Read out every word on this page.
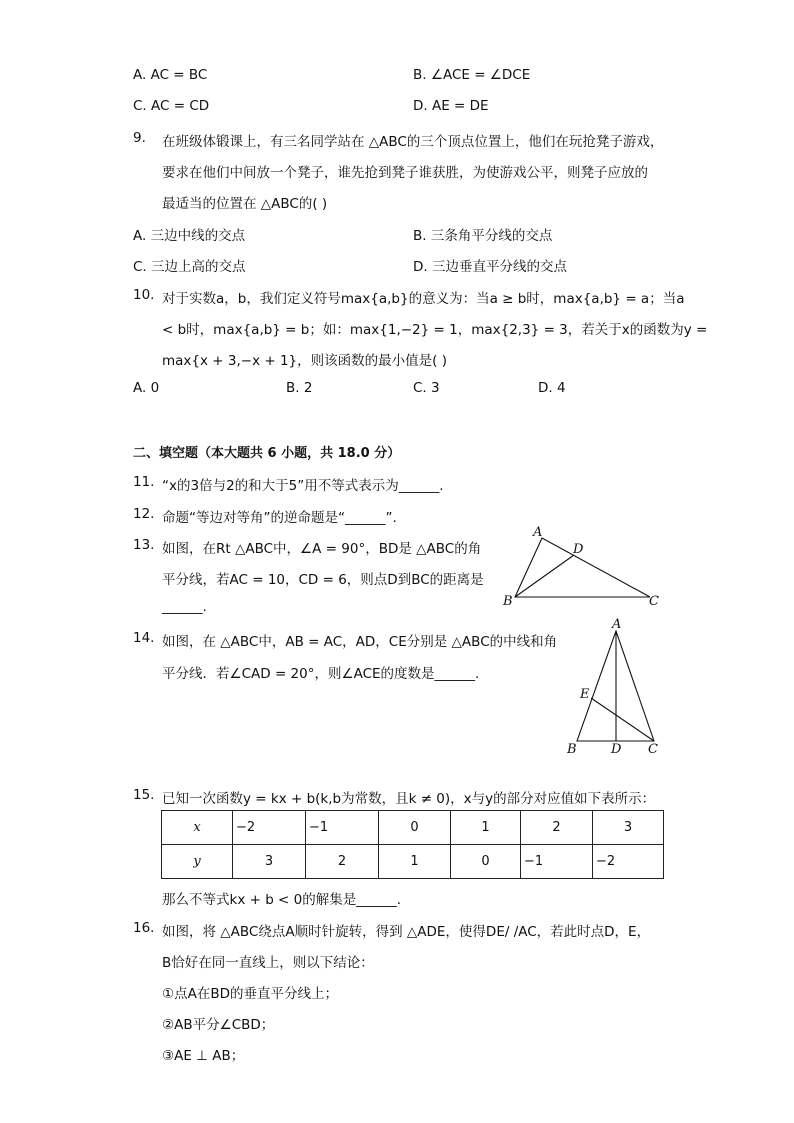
A. AC = BC	B. ∠ACE = ∠DCE
C. AC = CD	D. AE = DE
9. 在班级体锻课上，有三名同学站在 △ABC的三个顶点位置上，他们在玩抢凳子游戏，
要求在他们中间放一个凳子，谁先抢到凳子谁获胜，为使游戏公平，则凳子应放的
最适当的位置在 △ABC的( )
A. 三边中线的交点	B. 三条角平分线的交点
C. 三边上高的交点	D. 三边垂直平分线的交点
10. 对于实数a，b，我们定义符号max{a,b}的意义为：当a ≥ b时，max{a,b} = a；当a
< b时，max{a,b} = b；如：max{1,−2} = 1，max{2,3} = 3，若关于x的函数为y =
max{x + 3,−x + 1}，则该函数的最小值是( )
A. 0	B. 2	C. 3	D. 4
二、填空题（本大题共 6 小题，共 18.0 分）
11. “x的3倍与2的和大于5”用不等式表示为______.
12. 命题“等边对等角”的逆命题是“______”.
13. 如图，在Rt △ABC中，∠A = 90°，BD是 △ABC的角
平分线，若AC = 10，CD = 6，则点D到BC的距离是
______.
A
B	C
D
14. 如图，在 △ABC中，AB = AC，AD，CE分别是 △ABC的中线和角
平分线．若∠CAD = 20°，则∠ACE的度数是______.
A
B	C
D
E
15. 已知一次函数y = kx + b(k,b为常数，且k ≠ 0)，x与y的部分对应值如下表所示：
x	−2	−1	0	1	2	3
y	3	2	1	0	−1	−2
那么不等式kx + b < 0的解集是______.
16. 如图，将 △ABC绕点A顺时针旋转，得到 △ADE，使得DE/ /AC，若此时点D，E，
B恰好在同一直线上，则以下结论：
①点A在BD的垂直平分线上；
②AB平分∠CBD；
③AE ⊥ AB；
